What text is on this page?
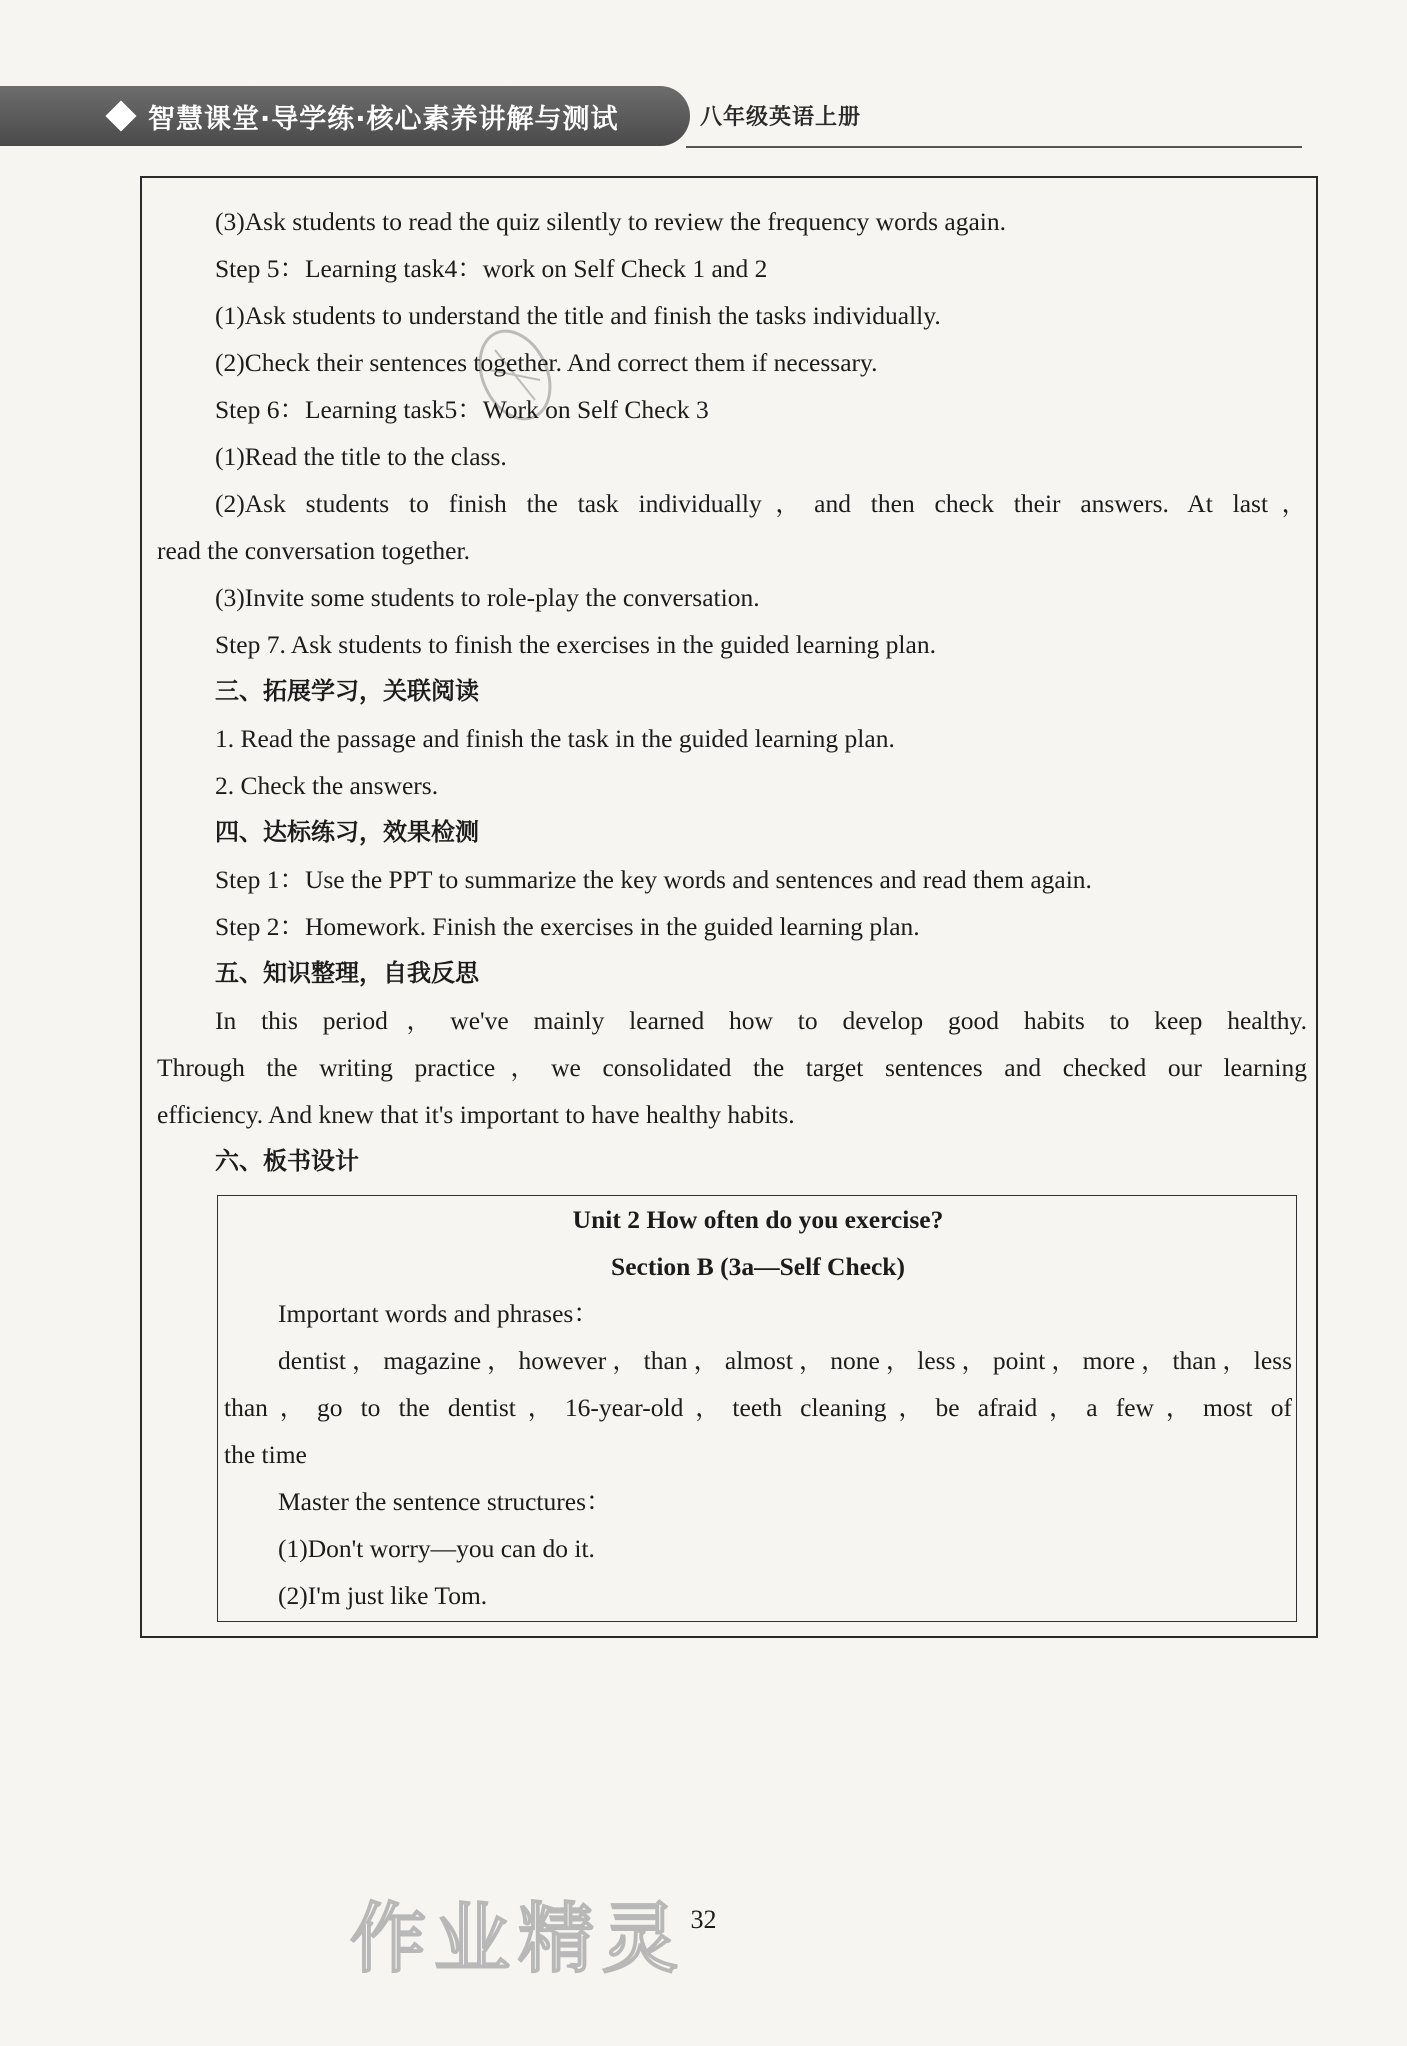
智慧课堂·导学练·核心素养讲解与测试	八年级英语上册

(3)Ask students to read the quiz silently to review the frequency words again.

Step 5：Learning task4：work on Self Check 1 and 2

(1)Ask students to understand the title and finish the tasks individually.

(2)Check their sentences together. And correct them if necessary.

Step 6：Learning task5：Work on Self Check 3

(1)Read the title to the class.

(2)Ask students to finish the task individually，and then check their answers. At last，

read the conversation together.

(3)Invite some students to role-play the conversation.

Step 7. Ask students to finish the exercises in the guided learning plan.

三、拓展学习，关联阅读

1. Read the passage and finish the task in the guided learning plan.

2. Check the answers.

四、达标练习，效果检测

Step 1：Use the PPT to summarize the key words and sentences and read them again.

Step 2：Homework. Finish the exercises in the guided learning plan.

五、知识整理，自我反思

In this period，we've mainly learned how to develop good habits to keep healthy.

Through the writing practice，we consolidated the target sentences and checked our learning

efficiency. And knew that it's important to have healthy habits.

六、板书设计

Unit 2 How often do you exercise?

Section B (3a—Self Check)

Important words and phrases：

dentist，magazine，however，than，almost，none，less，point，more，than，less

than，go to the dentist，16-year-old，teeth cleaning，be afraid，a few，most of

the time

Master the sentence structures：

(1)Don't worry—you can do it.

(2)I'm just like Tom.

作业精灵 32
